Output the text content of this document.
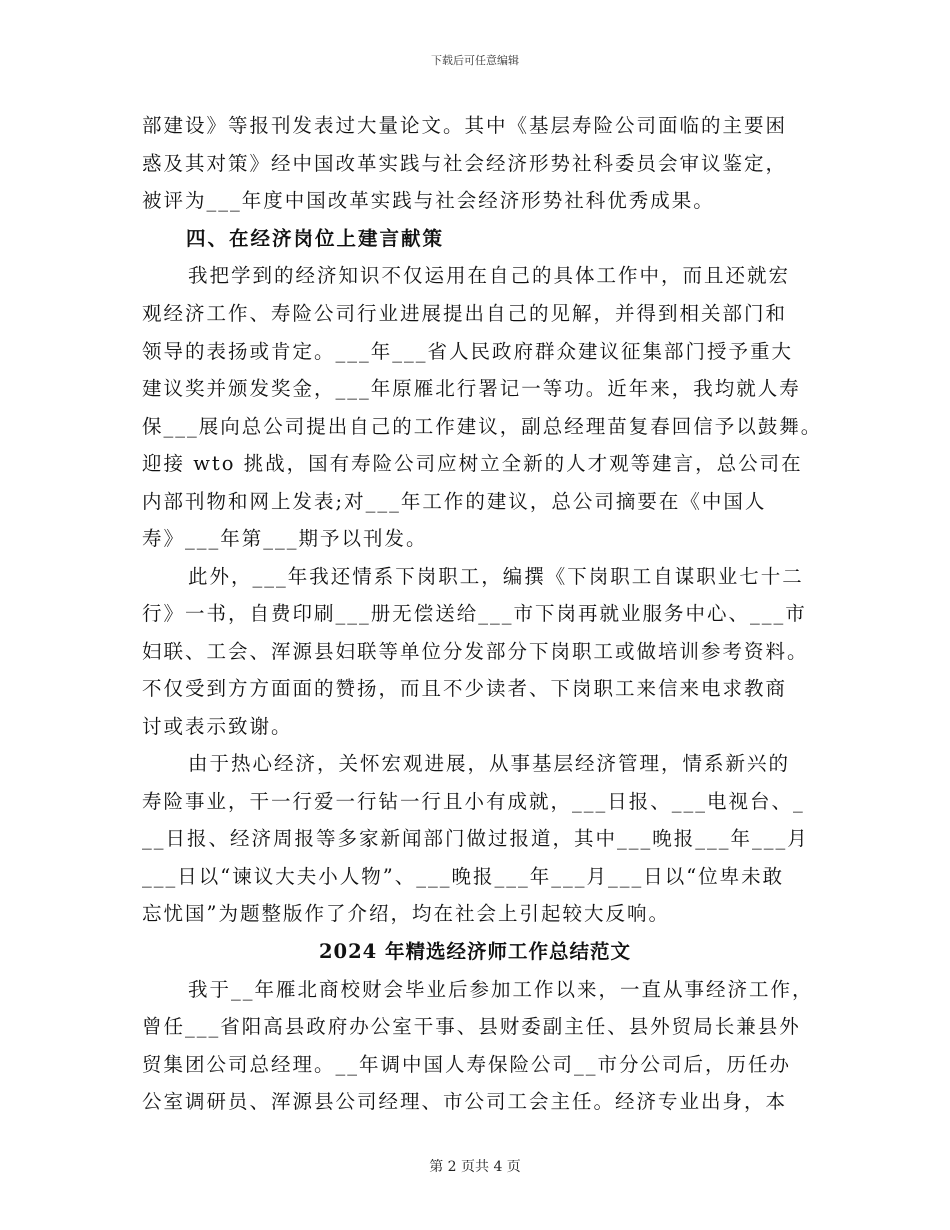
下载后可任意编辑
部建设》等报刊发表过大量论文。其中《基层寿险公司面临的主要困
惑及其对策》经中国改革实践与社会经济形势社科委员会审议鉴定，
被评为___年度中国改革实践与社会经济形势社科优秀成果。
四、在经济岗位上建言献策
我把学到的经济知识不仅运用在自己的具体工作中，而且还就宏
观经济工作、寿险公司行业进展提出自己的见解，并得到相关部门和
领导的表扬或肯定。___年___省人民政府群众建议征集部门授予重大
建议奖并颁发奖金，___年原雁北行署记一等功。近年来，我均就人寿
保___展向总公司提出自己的工作建议，副总经理苗复春回信予以鼓舞。
迎接 wto 挑战，国有寿险公司应树立全新的人才观等建言，总公司在
内部刊物和网上发表;对___年工作的建议，总公司摘要在《中国人
寿》___年第___期予以刊发。
此外，___年我还情系下岗职工，编撰《下岗职工自谋职业七十二
行》一书，自费印刷___册无偿送给___市下岗再就业服务中心、___市
妇联、工会、浑源县妇联等单位分发部分下岗职工或做培训参考资料。
不仅受到方方面面的赞扬，而且不少读者、下岗职工来信来电求教商
讨或表示致谢。
由于热心经济，关怀宏观进展，从事基层经济管理，情系新兴的
寿险事业，干一行爱一行钻一行且小有成就，___日报、___电视台、_
__日报、经济周报等多家新闻部门做过报道，其中___晚报___年___月
___日以“谏议大夫小人物”、___晚报___年___月___日以“位卑未敢
忘忧国”为题整版作了介绍，均在社会上引起较大反响。
2024 年精选经济师工作总结范文
我于__年雁北商校财会毕业后参加工作以来，一直从事经济工作，
曾任___省阳高县政府办公室干事、县财委副主任、县外贸局长兼县外
贸集团公司总经理。__年调中国人寿保险公司__市分公司后，历任办
公室调研员、浑源县公司经理、市公司工会主任。经济专业出身，本
第 2 页共 4 页
